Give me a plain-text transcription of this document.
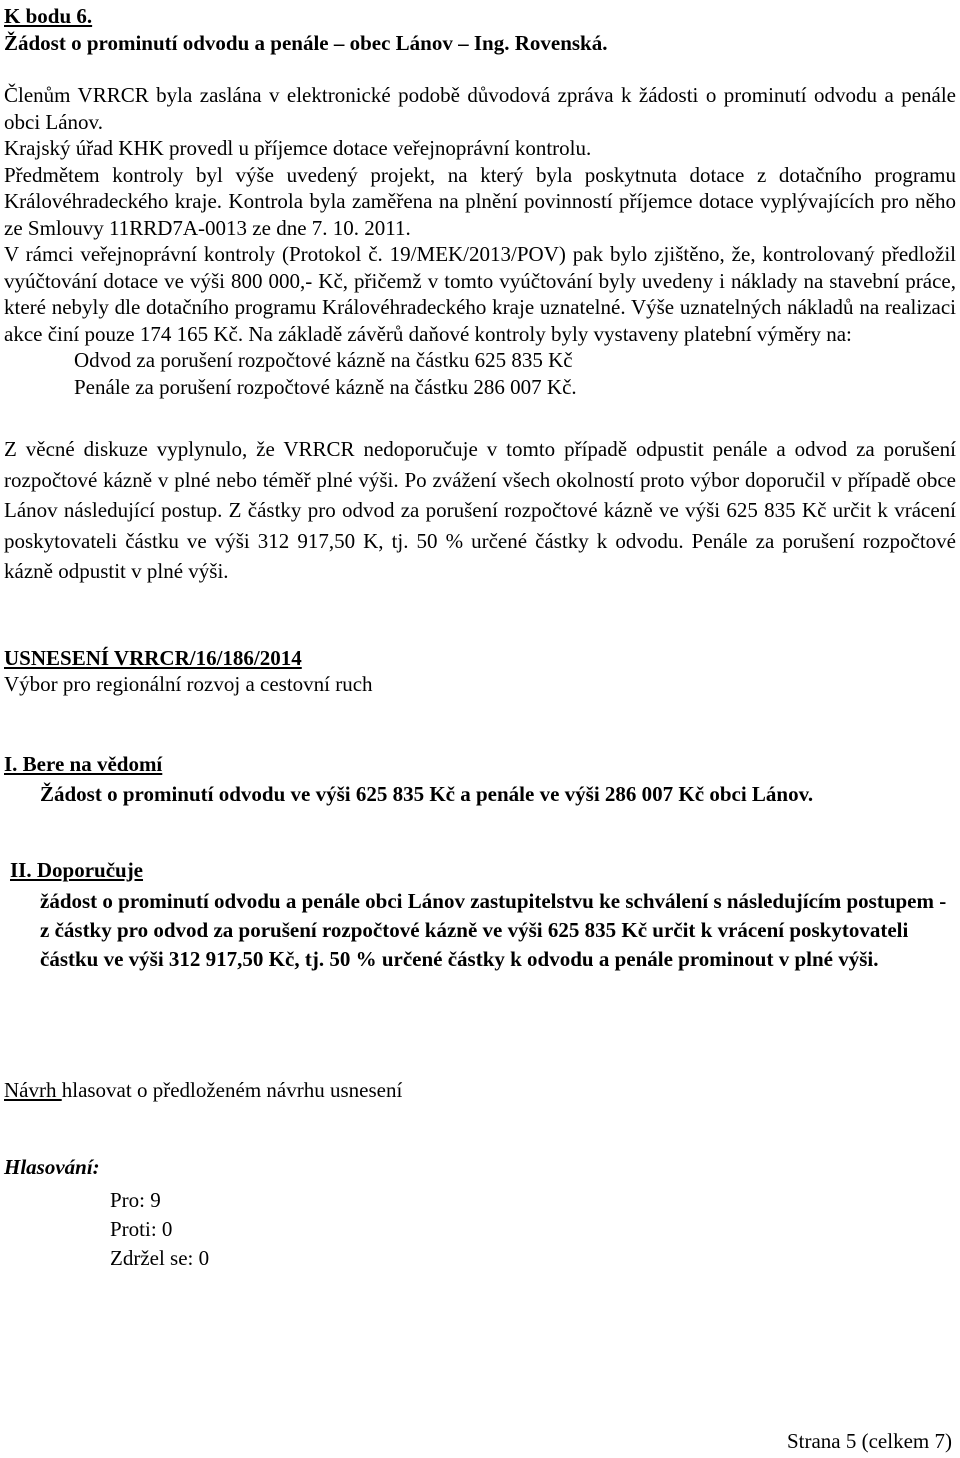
K bodu 6.

Žádost o prominutí odvodu a penále – obec Lánov – Ing. Rovenská.

Členům VRRCR byla zaslána v elektronické podobě důvodová zpráva k žádosti o prominutí odvodu a penále obci Lánov.

Krajský úřad KHK provedl u příjemce dotace veřejnoprávní kontrolu.

Předmětem kontroly byl výše uvedený projekt, na který byla poskytnuta dotace z dotačního programu Královéhradeckého kraje. Kontrola byla zaměřena na plnění povinností příjemce dotace vyplývajících pro něho ze Smlouvy 11RRD7A-0013 ze dne 7. 10. 2011.

V rámci veřejnoprávní kontroly (Protokol č. 19/MEK/2013/POV) pak bylo zjištěno, že, kontrolovaný předložil vyúčtování dotace ve výši 800 000,- Kč, přičemž v tomto vyúčtování byly uvedeny i náklady na stavební práce, které nebyly dle dotačního programu Královéhradeckého kraje uznatelné. Výše uznatelných nákladů na realizaci akce činí pouze 174 165 Kč. Na základě závěrů daňové kontroly byly vystaveny platební výměry na:

Odvod za porušení rozpočtové kázně na částku 625 835 Kč

Penále za porušení rozpočtové kázně na částku 286 007 Kč.

Z věcné diskuze vyplynulo, že VRRCR nedoporučuje v tomto případě odpustit penále a odvod za porušení rozpočtové kázně v plné nebo téměř plné výši. Po zvážení všech okolností proto výbor doporučil v případě obce Lánov následující postup. Z částky pro odvod za porušení rozpočtové kázně ve výši 625 835 Kč určit k vrácení poskytovateli částku ve výši 312 917,50 K, tj. 50 % určené částky k odvodu. Penále za porušení rozpočtové kázně odpustit v plné výši.

USNESENÍ VRRCR/16/186/2014

Výbor pro regionální rozvoj a cestovní ruch

I. Bere na vědomí

Žádost o prominutí odvodu ve výši 625 835 Kč a penále ve výši 286 007 Kč obci Lánov.

II. Doporučuje

žádost o prominutí odvodu a penále obci Lánov zastupitelstvu ke schválení s následujícím postupem - z částky pro odvod za porušení rozpočtové kázně ve výši 625 835 Kč určit k vrácení poskytovateli částku ve výši 312 917,50 Kč, tj. 50 % určené částky k odvodu a penále prominout v plné výši.

Návrh hlasovat o předloženém návrhu usnesení

Hlasování:

Pro: 9

Proti: 0

Zdržel se: 0

Strana 5 (celkem 7)
